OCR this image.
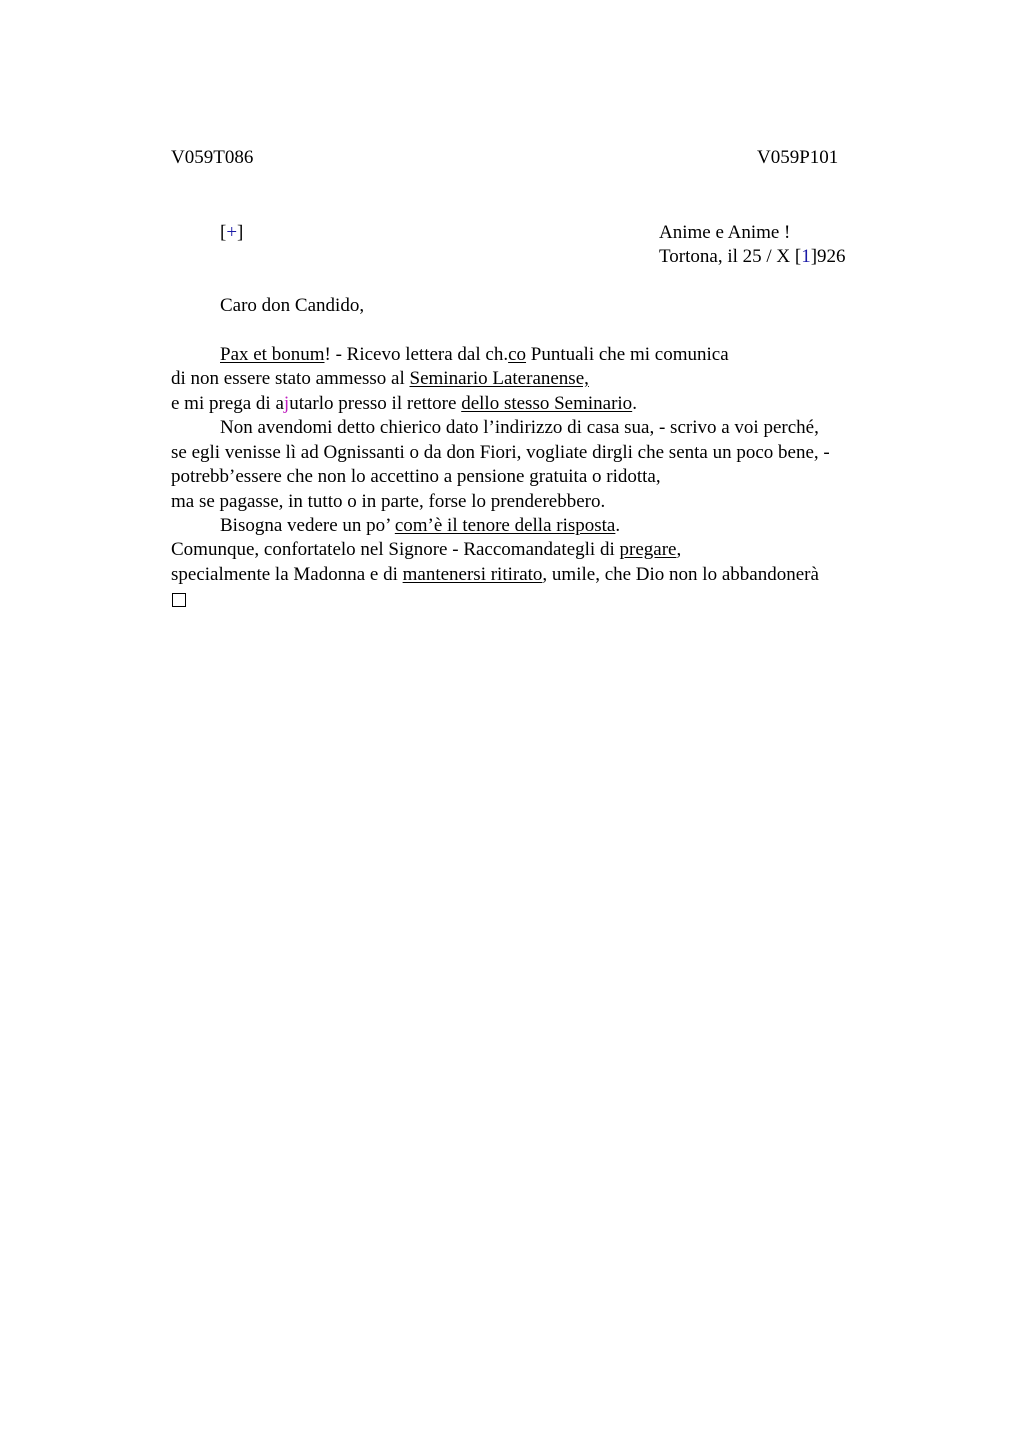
V059T086	V059P101
[+]	Anime e Anime !
Tortona, il 25 / X [1]926
Caro don Candido,
Pax et bonum! - Ricevo lettera dal ch.co Puntuali che mi comunica
di non essere stato ammesso al Seminario Lateranense,
e mi prega di ajutarlo presso il rettore dello stesso Seminario.
Non avendomi detto chierico dato l’indirizzo di casa sua, - scrivo a voi perché,
se egli venisse lì ad Ognissanti o da don Fiori, vogliate dirgli che senta un poco bene, -
potrebb’essere che non lo accettino a pensione gratuita o ridotta,
ma se pagasse, in tutto o in parte, forse lo prenderebbero.
Bisogna vedere un po’ com’è il tenore della risposta.
Comunque, confortatelo nel Signore - Raccomandategli di pregare,
specialmente la Madonna e di mantenersi ritirato, umile, che Dio non lo abbandonerà
